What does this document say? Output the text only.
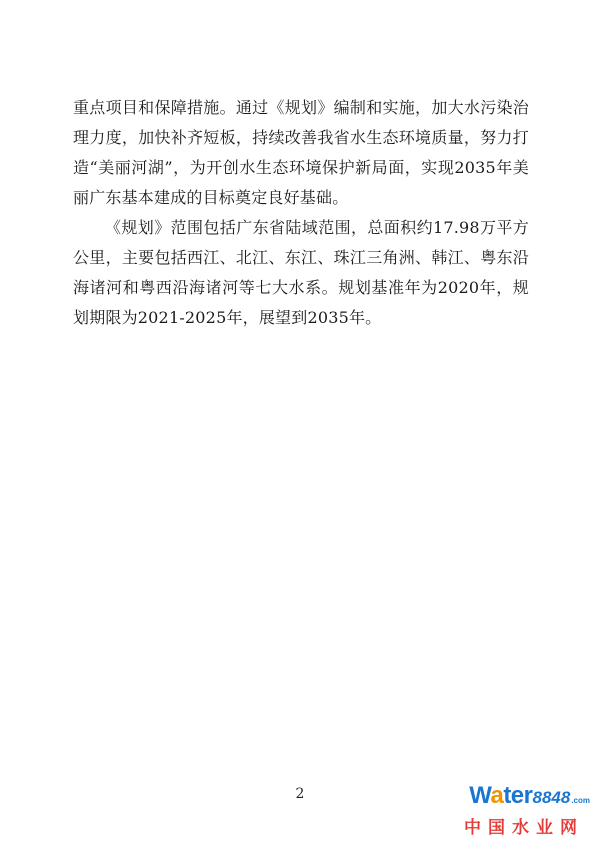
重点项目和保障措施。通过《规划》编制和实施，加大水污染治理力度，加快补齐短板，持续改善我省水生态环境质量，努力打造“美丽河湖”，为开创水生态环境保护新局面，实现2035年美丽广东基本建成的目标奠定良好基础。

《规划》范围包括广东省陆域范围，总面积约17.98万平方公里，主要包括西江、北江、东江、珠江三角洲、韩江、粤东沿海诸河和粤西沿海诸河等七大水系。规划基准年为2020年，规划期限为2021-2025年，展望到2035年。

2	Water8848.com
中国水业网
